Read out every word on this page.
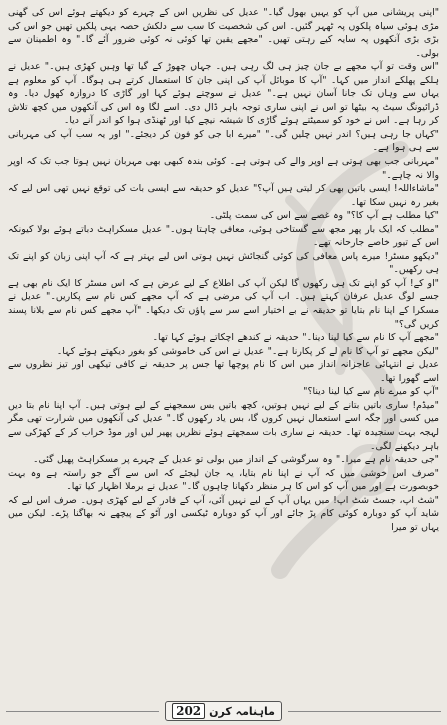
"اپنی پریشانی میں آپ کو یہیں بھول گیا۔" عدیل کی نظریں اس کے چہرے کو دیکھتے ہوئے اس کی گھنی مڑی ہوئی سیاہ پلکوں پہ ٹھہر گئیں۔ اس کی شخصیت کا سب سے دلکش حصہ یہی پلکیں تھیں جو اس کی بڑی بڑی آنکھوں پہ سایہ کیے رہتی تھیں۔ "مجھے یقین تھا کوئی نہ کوئی ضرور آئے گا۔" وہ اطمینان سے بولی۔

"اس وقت تو آپ مجھے بے جان چیز ہی لگ رہی ہیں۔ جہاں چھوڑ کے گیا تھا وہیں کھڑی ہیں۔" عدیل نے ہلکے پھلکے انداز میں کہا۔ "آپ کا موبائل آپ کی اپنی جان کا استعمال کرتے ہی ہوگا۔ آپ کو معلوم ہے یہاں سے وہاں تک جانا آسان نہیں ہے۔" عدیل نے سوچتے ہوئے کہا اور گاڑی کا دروازہ کھول دیا۔ وہ ڈرائیونگ سیٹ پہ بیٹھا تو اس نے اپنی ساری توجہ باہر ڈال دی۔ اسے لگا وہ اس کی آنکھوں میں کچھ تلاش کر رہا ہے۔ اس نے خود کو سمیٹتے ہوئے گاڑی کا شیشہ نیچے کیا اور ٹھنڈی ہوا کو اندر آنے دیا۔

"کہاں جا رہی ہیں؟ اندر نہیں چلیں گی۔" "میرے ابا جی کو فون کر دیجئے۔" اور یہ سب آپ کی مہربانی سے ہی ہوا ہے۔

"مہربانی جب بھی ہوتی ہے اوپر والے کی ہوتی ہے۔ کوئی بندہ کبھی بھی مہربان نہیں ہوتا جب تک کہ اوپر والا نہ چاہے۔"

"ماشاءاللہ! ایسی باتیں بھی کر لیتی ہیں آپ؟" عدیل کو حدیقہ سے ایسی بات کی توقع نہیں تھی اس لیے کہ بغیر رہ نہیں سکا تھا۔

"کیا مطلب ہے آپ کا؟" وہ غصے سے اس کی سمت پلٹی۔

"مطلب کہ ایک بار پھر مجھ سے گستاخی ہوئی، معافی چاہتا ہوں۔" عدیل مسکراہٹ دباتے ہوئے بولا کیونکہ اس کے تیور خاصے جارحانہ تھے۔

"دیکھو مسٹر! میرے پاس معافی کی کوئی گنجائش نہیں ہوتی اس لیے بہتر ہے کہ آپ اپنی زبان کو اپنے تک ہی رکھیں۔"

"او کے! آپ کو اپنے تک ہی رکھوں گا لیکن آپ کی اطلاع کے لیے عرض ہے کہ اس مسٹر کا ایک نام بھی ہے جسے لوگ عدیل عرفان کہتے ہیں۔ اب آپ کی مرضی ہے کہ آپ مجھے کس نام سے پکاریں۔" عدیل نے مسکرا کے اپنا نام بتایا تو حدیقہ نے بے اختیار اسے سر سے پاؤں تک دیکھا۔ "آپ مجھے کس نام سے بلانا پسند کریں گی؟"

"مجھے آپ کا نام سے کیا لینا دینا۔" حدیقہ نے کندھے اچکاتے ہوئے کہا تھا۔

"لیکن مجھے تو آپ کا نام لے کر پکارنا ہے۔" عدیل نے اس کی خاموشی کو بغور دیکھتے ہوئے کہا۔

عدیل نے انتہائی عاجزانہ انداز میں اس کا نام پوچھا تھا جس پر حدیقہ نے کافی تیکھی اور تیز نظروں سے اسے گھورا تھا۔

"آپ کو میرے نام سے کیا لینا دینا؟"

"میڈم! ساری باتیں بتانے کے لیے نہیں ہوتیں، کچھ باتیں بس سمجھنے کے لیے ہوتی ہیں۔ آپ اپنا نام بتا دیں میں کسی اور جگہ اسے استعمال نہیں کروں گا، بس یاد رکھوں گا۔" عدیل کی آنکھوں میں شرارت تھی مگر لہجہ بہت سنجیدہ تھا۔ حدیقہ نے ساری بات سمجھتے ہوئے نظریں پھیر لیں اور موڈ خراب کر کے کھڑکی سے باہر دیکھنے لگی۔

"جی حدیقہ نام ہے میرا۔" وہ سرگوشی کے انداز میں بولی تو عدیل کے چہرے پر مسکراہٹ پھیل گئی۔

"صرف اس خوشی میں کہ آپ نے اپنا نام بتایا، یہ جان لیجئے کہ اس سے آگے جو راستہ ہے وہ بہت خوبصورت ہے اور میں آپ کو اس کا ہر منظر دکھانا چاہوں گا۔" عدیل نے برملا اظہار کیا تھا۔

"شٹ اپ، جسٹ شٹ اپ! میں یہاں آپ کے لیے نہیں آئی، آپ کے فادر کے لیے کھڑی ہوں۔ صرف اس لیے کہ شاید آپ کو دوبارہ کوئی کام پڑ جائے اور آپ کو دوبارہ ٹیکسی اور آٹو کے پیچھے نہ بھاگنا پڑے۔ لیکن میں یہاں تو میرا

202 ماہنامہ کرن
